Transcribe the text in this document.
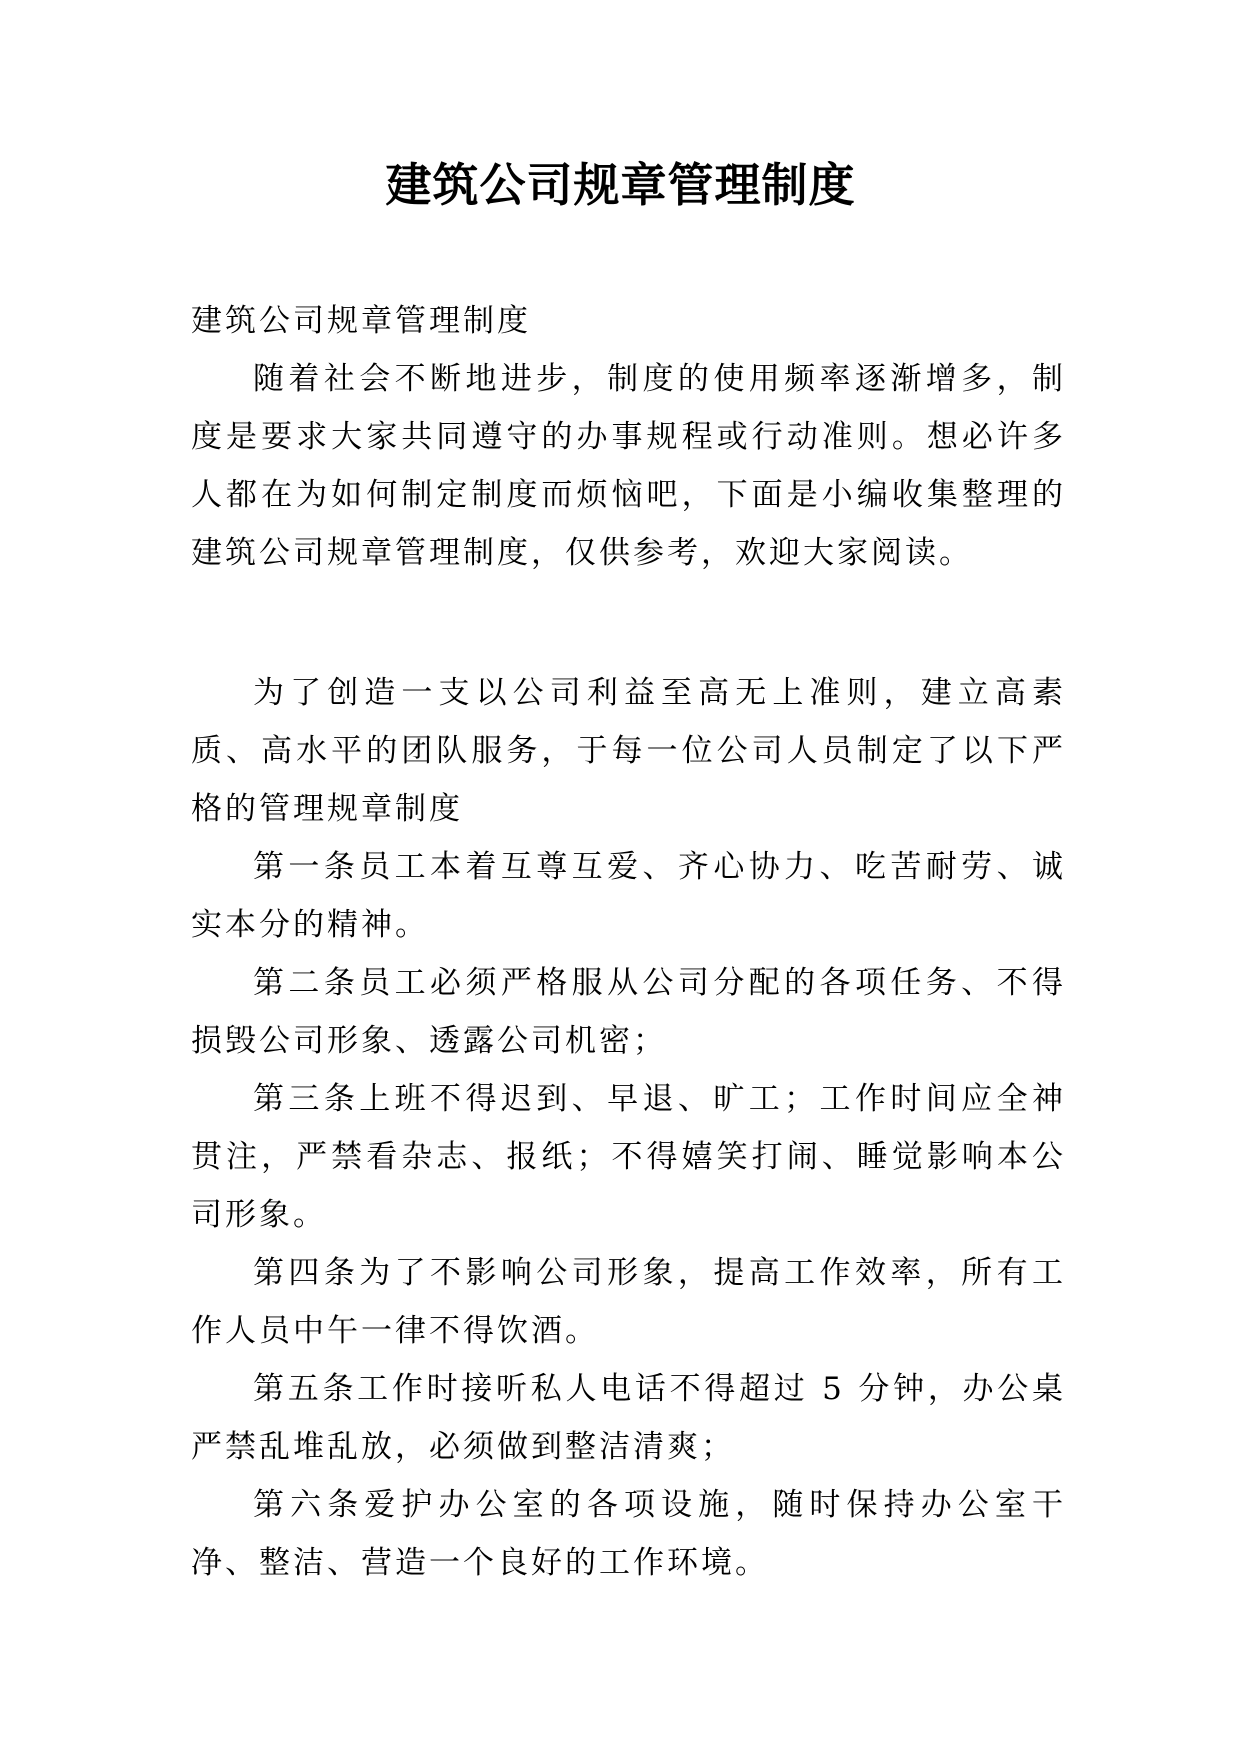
建筑公司规章管理制度

建筑公司规章管理制度

随着社会不断地进步，制度的使用频率逐渐增多，制度是要求大家共同遵守的办事规程或行动准则。想必许多人都在为如何制定制度而烦恼吧，下面是小编收集整理的建筑公司规章管理制度，仅供参考，欢迎大家阅读。

为了创造一支以公司利益至高无上准则，建立高素质、高水平的团队服务，于每一位公司人员制定了以下严格的管理规章制度

第一条员工本着互尊互爱、齐心协力、吃苦耐劳、诚实本分的精神。

第二条员工必须严格服从公司分配的各项任务、不得损毁公司形象、透露公司机密；

第三条上班不得迟到、早退、旷工；工作时间应全神贯注，严禁看杂志、报纸；不得嬉笑打闹、睡觉影响本公司形象。

第四条为了不影响公司形象，提高工作效率，所有工作人员中午一律不得饮酒。

第五条工作时接听私人电话不得超过 5 分钟，办公桌严禁乱堆乱放，必须做到整洁清爽；

第六条爱护办公室的各项设施，随时保持办公室干净、整洁、营造一个良好的工作环境。
